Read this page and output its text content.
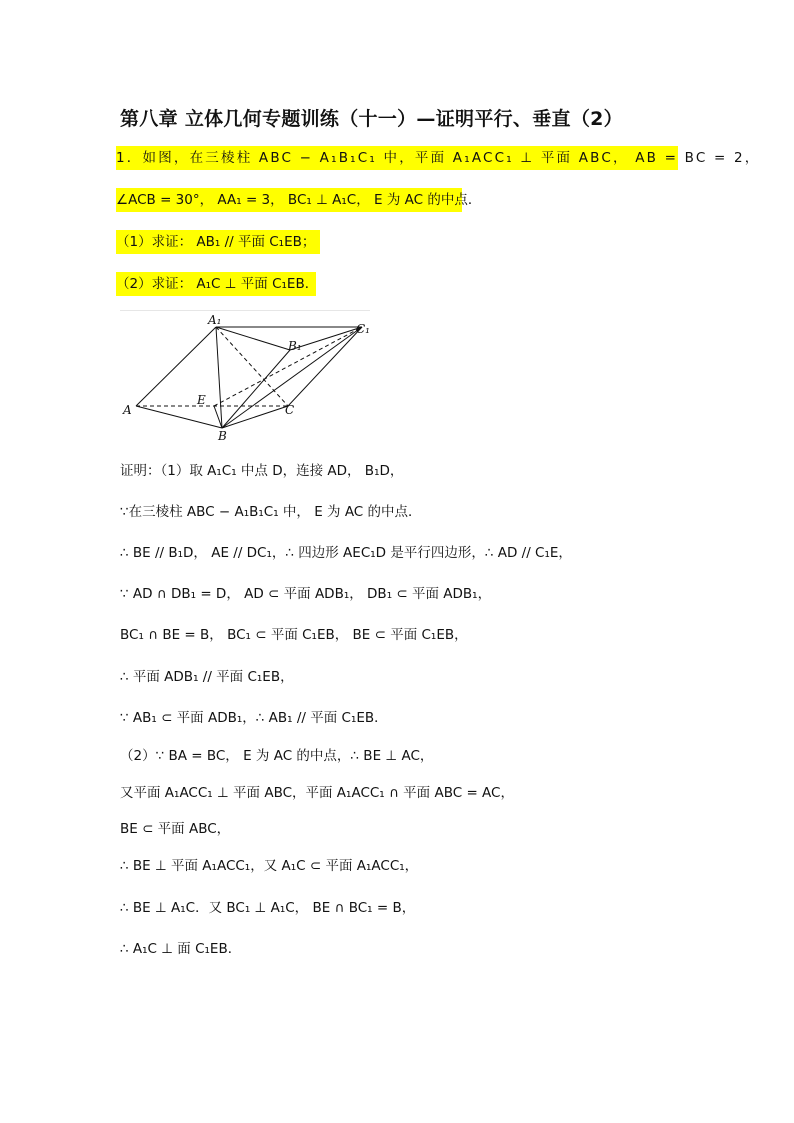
第八章 立体几何专题训练（十一）—证明平行、垂直（2）
1．如图，在三棱柱 ABC − A₁B₁C₁ 中，平面 A₁ACC₁ ⊥ 平面 ABC， AB = BC = 2，
∠ACB = 30°， AA₁ = 3， BC₁ ⊥ A₁C， E 为 AC 的中点．
（1）求证： AB₁ // 平面 C₁EB；
（2）求证： A₁C ⊥ 平面 C₁EB．
A₁
C₁
B₁
E
A
B
C
证明：（1）取 A₁C₁ 中点 D，连接 AD， B₁D，
∵在三棱柱 ABC − A₁B₁C₁ 中， E 为 AC 的中点．
∴ BE // B₁D， AE // DC₁，∴ 四边形 AEC₁D 是平行四边形，∴ AD // C₁E，
∵ AD ∩ DB₁ = D， AD ⊂ 平面 ADB₁， DB₁ ⊂ 平面 ADB₁，
BC₁ ∩ BE = B， BC₁ ⊂ 平面 C₁EB， BE ⊂ 平面 C₁EB，
∴ 平面 ADB₁ // 平面 C₁EB，
∵ AB₁ ⊂ 平面 ADB₁，∴ AB₁ // 平面 C₁EB．
（2）∵ BA = BC， E 为 AC 的中点，∴ BE ⊥ AC，
又平面 A₁ACC₁ ⊥ 平面 ABC，平面 A₁ACC₁ ∩ 平面 ABC = AC，
BE ⊂ 平面 ABC，
∴ BE ⊥ 平面 A₁ACC₁，又 A₁C ⊂ 平面 A₁ACC₁，
∴ BE ⊥ A₁C．又 BC₁ ⊥ A₁C， BE ∩ BC₁ = B，
∴ A₁C ⊥ 面 C₁EB．
